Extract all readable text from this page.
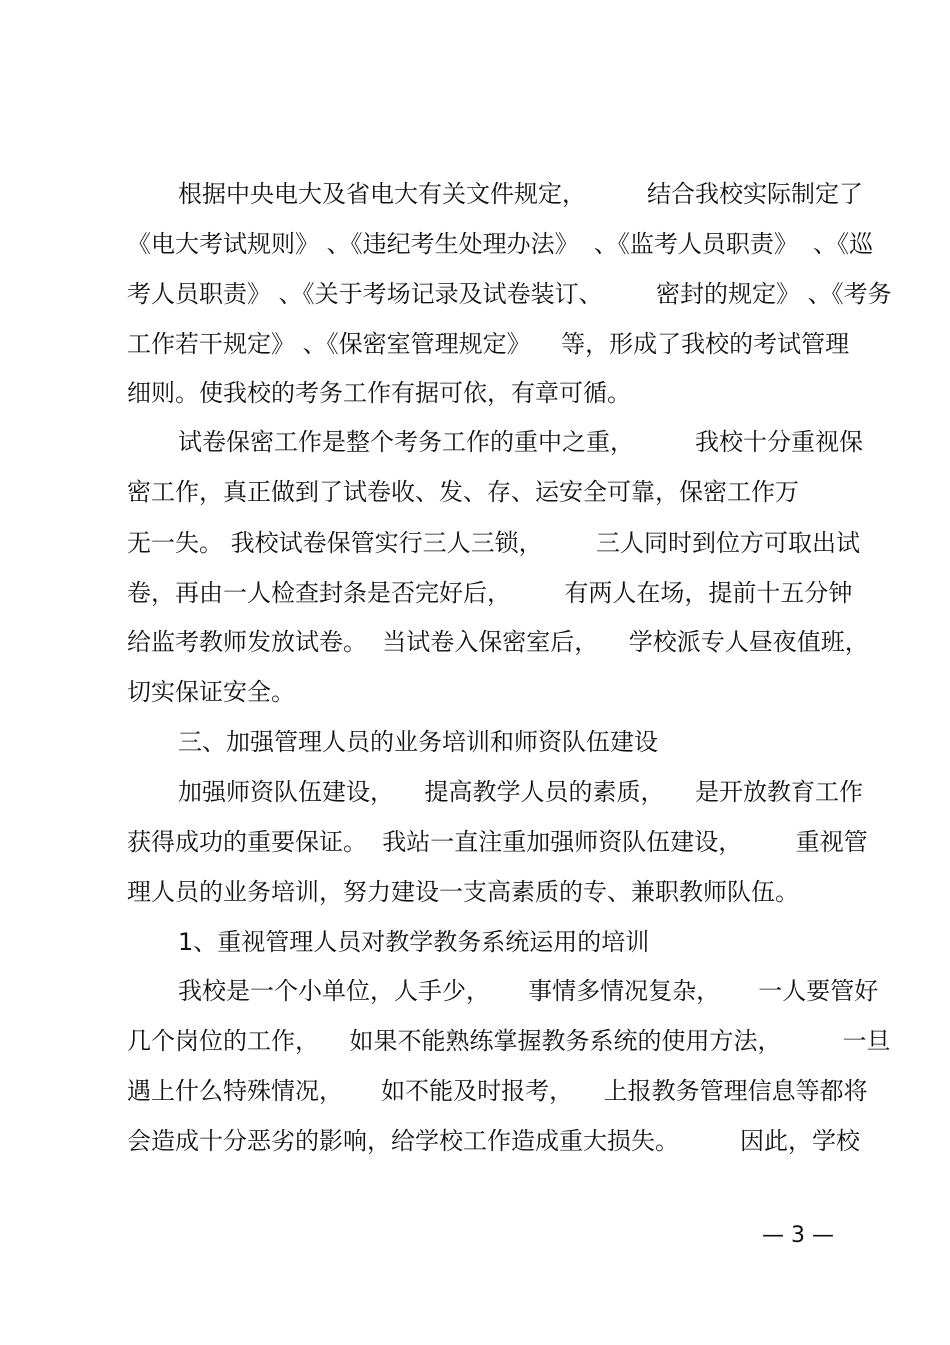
根据中央电大及省电大有关文件规定，        结合我校实际制定了
《电大考试规则》 、《违纪考生处理办法》  、《监考人员职责》  、《巡
考人员职责》 、《关于考场记录及试卷装订、       密封的规定》 、《考务
工作若干规定》 、《保密室管理规定》    等，形成了我校的考试管理
细则。使我校的考务工作有据可依，有章可循。
试卷保密工作是整个考务工作的重中之重，        我校十分重视保
密工作，真正做到了试卷收、发、存、运安全可靠，保密工作万
无一失。 我校试卷保管实行三人三锁，       三人同时到位方可取出试
卷，再由一人检查封条是否完好后，       有两人在场，提前十五分钟
给监考教师发放试卷。  当试卷入保密室后，    学校派专人昼夜值班，
切实保证安全。
三、加强管理人员的业务培训和师资队伍建设
加强师资队伍建设，    提高教学人员的素质，    是开放教育工作
获得成功的重要保证。  我站一直注重加强师资队伍建设，       重视管
理人员的业务培训，努力建设一支高素质的专、兼职教师队伍。
1、重视管理人员对教学教务系统运用的培训
我校是一个小单位，人手少，     事情多情况复杂，     一人要管好
几个岗位的工作，    如果不能熟练掌握教务系统的使用方法，        一旦
遇上什么特殊情况，     如不能及时报考，    上报教务管理信息等都将
会造成十分恶劣的影响，给学校工作造成重大损失。        因此，学校
— 3 —
